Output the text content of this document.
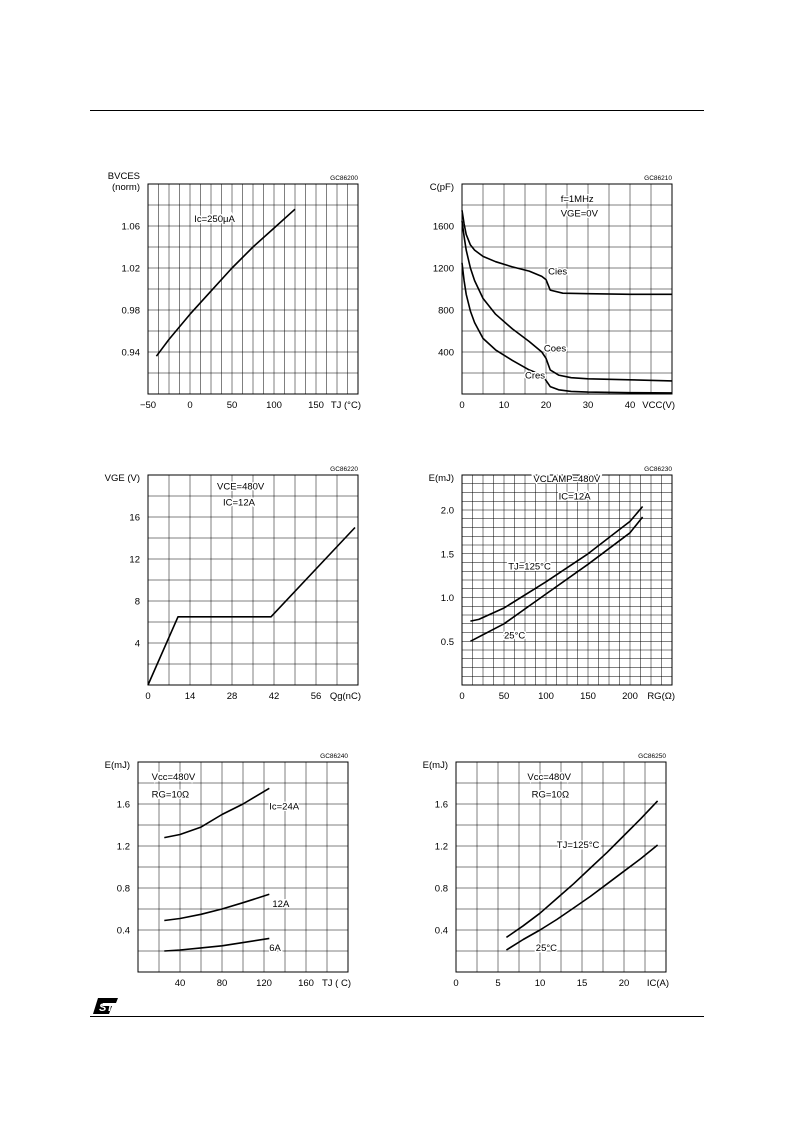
GC86200
BVCES
(norm)
0.94
0.98
1.02
1.06
−50	0	50	100	150 TJ (°C)
Ic=250μA
GC86210
C(pF)
400
800
1200
1600
0	10	20	30	40 VCC(V)
f=1MHz
VGE=0V
Cies
Coes
Cres
GC86220
VGE (V)
4
8
12
16
0	14	28	42	56 Qg(nC)
VCE=480V
IC=12A
GC86230
E(mJ)
0.5
1.0
1.5
2.0
0	50	100	150	200 RG(Ω)
VCLAMP=480V
IC=12A
TJ=125°C
25°C
GC86240
E(mJ)
0.4
0.8
1.2
1.6
40	80	120	160 TJ ( C)
Vcc=480V
RG=10Ω
Ic=24A
12A
6A
GC86250
E(mJ)
0.4
0.8
1.2
1.6
0	5	10	15	20 IC(A)
Vcc=480V
RG=10Ω
TJ=125°C
25°C
ST
